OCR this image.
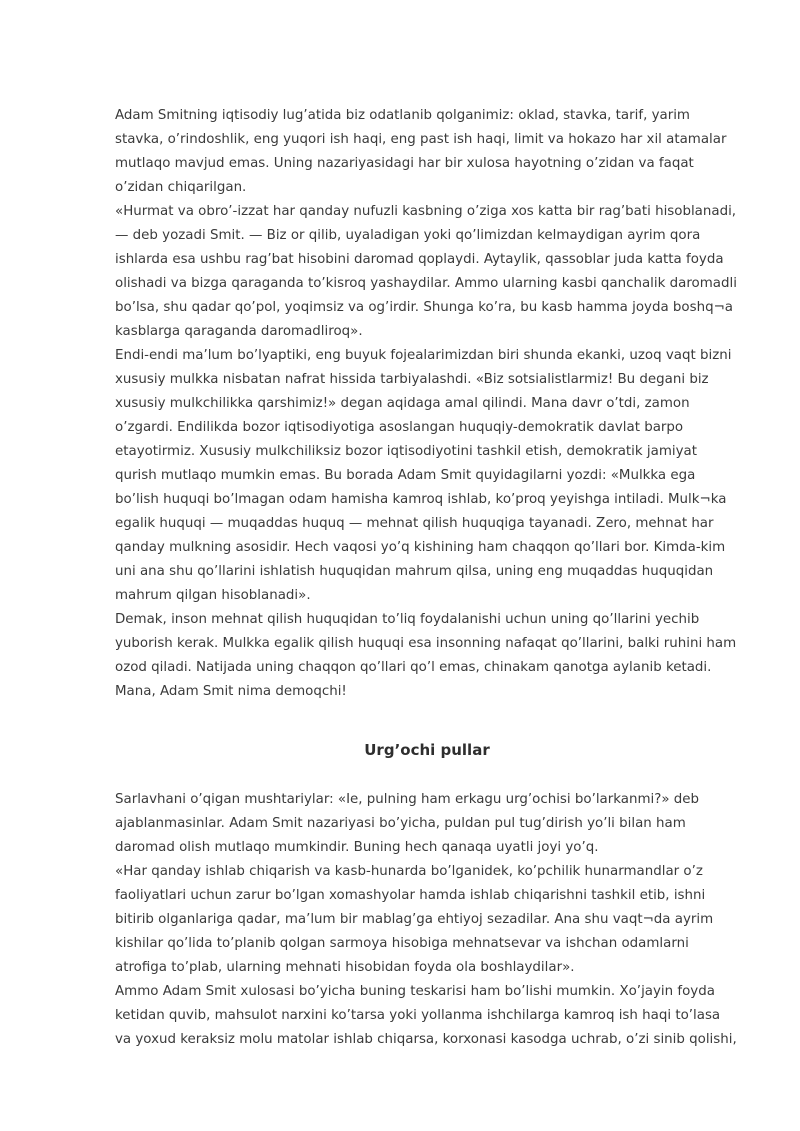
Adam Smitning iqtisodiy lug’atida biz odatlanib qolganimiz: oklad, stavka, tarif, yarim stavka, o’rindoshlik, eng yuqori ish haqi, eng past ish haqi, limit va hokazo har xil atamalar mutlaqo mavjud emas. Uning nazariyasidagi har bir xulosa hayotning o’zidan va faqat o’zidan chiqarilgan.

«Hurmat va obro’-izzat har qanday nufuzli kasbning o’ziga xos katta bir rag’bati hisoblanadi, — deb yozadi Smit. — Biz or qilib, uyaladigan yoki qo’limizdan kelmaydigan ayrim qora ishlarda esa ushbu rag’bat hisobini daromad qoplaydi. Aytaylik, qassoblar juda katta foyda olishadi va bizga qaraganda to’kisroq yashaydilar. Ammo ularning kasbi qanchalik daromadli bo’lsa, shu qadar qo’pol, yoqimsiz va og’irdir. Shunga ko’ra, bu kasb hamma joyda boshq¬a kasblarga qaraganda daromadliroq».

Endi-endi ma’lum bo’lyaptiki, eng buyuk fojealarimizdan biri shunda ekanki, uzoq vaqt bizni xususiy mulkka nisbatan nafrat hissida tarbiyalashdi. «Biz sotsialistlarmiz! Bu degani biz xususiy mulkchilikka qarshimiz!» degan aqidaga amal qilindi. Mana davr o’tdi, zamon o’zgardi. Endilikda bozor iqtisodiyotiga asoslangan huquqiy-demokratik davlat barpo etayotirmiz. Xususiy mulkchiliksiz bozor iqtisodiyotini tashkil etish, demokratik jamiyat qurish mutlaqo mumkin emas. Bu borada Adam Smit quyidagilarni yozdi: «Mulkka ega bo’lish huquqi bo’lmagan odam hamisha kamroq ishlab, ko’proq yeyishga intiladi. Mulk¬ka egalik huquqi — muqaddas huquq — mehnat qilish huquqiga tayanadi. Zero, mehnat har qanday mulkning asosidir. Hech vaqosi yo’q kishining ham chaqqon qo’llari bor. Kimda-kim uni ana shu qo’llarini ishlatish huquqidan mahrum qilsa, uning eng muqaddas huquqidan mahrum qilgan hisoblanadi».

Demak, inson mehnat qilish huquqidan to’liq foydalanishi uchun uning qo’llarini yechib yuborish kerak. Mulkka egalik qilish huquqi esa insonning nafaqat qo’llarini, balki ruhini ham ozod qiladi. Natijada uning chaqqon qo’llari qo’l emas, chinakam qanotga aylanib ketadi. Mana, Adam Smit nima demoqchi!

Urg’ochi pullar

Sarlavhani o’qigan mushtariylar: «Ie, pulning ham erkagu urg’ochisi bo’larkanmi?» deb ajablanmasinlar. Adam Smit nazariyasi bo’yicha, puldan pul tug’dirish yo’li bilan ham daromad olish mutlaqo mumkindir. Buning hech qanaqa uyatli joyi yo’q.

«Har qanday ishlab chiqarish va kasb-hunarda bo’lganidek, ko’pchilik hunarmandlar o’z faoliyatlari uchun zarur bo’lgan xomashyolar hamda ishlab chiqarishni tashkil etib, ishni bitirib olganlariga qadar, ma’lum bir mablag’ga ehtiyoj sezadilar. Ana shu vaqt¬da ayrim kishilar qo’lida to’planib qolgan sarmoya hisobiga mehnatsevar va ishchan odamlarni atrofiga to’plab, ularning mehnati hisobidan foyda ola boshlaydilar».

Ammo Adam Smit xulosasi bo’yicha buning teskarisi ham bo’lishi mumkin. Xo’jayin foyda ketidan quvib, mahsulot narxini ko’tarsa yoki yollanma ishchilarga kamroq ish haqi to’lasa va yoxud keraksiz molu matolar ishlab chiqarsa, korxonasi kasodga uchrab, o’zi sinib qolishi,
